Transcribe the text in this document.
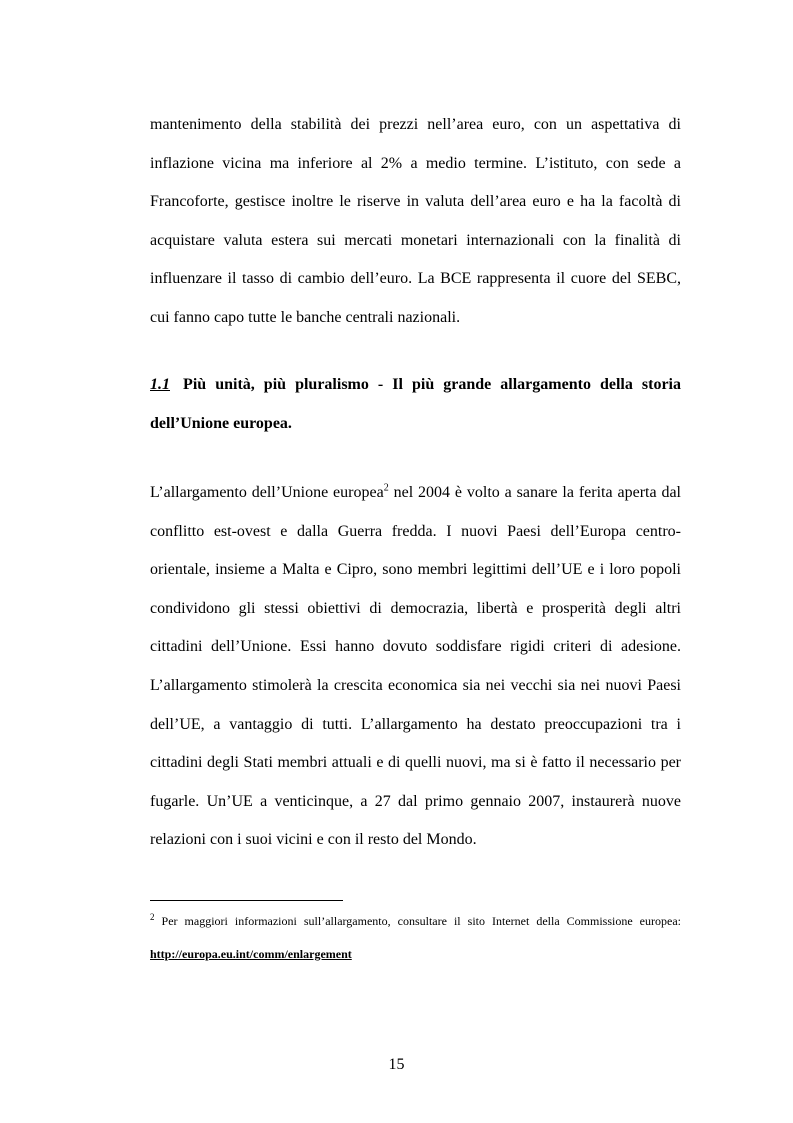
mantenimento della stabilità dei prezzi nell’area euro, con un aspettativa di inflazione vicina ma inferiore al 2% a medio termine. L’istituto, con sede a Francoforte, gestisce inoltre le riserve in valuta dell’area euro e ha la facoltà di acquistare valuta estera sui mercati monetari internazionali con la finalità di influenzare il tasso di cambio dell’euro. La BCE rappresenta il cuore del SEBC, cui fanno capo tutte le banche centrali nazionali.

1.1 Più unità, più pluralismo - Il più grande allargamento della storia dell’Unione europea.

L’allargamento dell’Unione europea$^2$ nel 2004 è volto a sanare la ferita aperta dal conflitto est-ovest e dalla Guerra fredda. I nuovi Paesi dell’Europa centro-orientale, insieme a Malta e Cipro, sono membri legittimi dell’UE e i loro popoli condividono gli stessi obiettivi di democrazia, libertà e prosperità degli altri cittadini dell’Unione. Essi hanno dovuto soddisfare rigidi criteri di adesione. L’allargamento stimolerà la crescita economica sia nei vecchi sia nei nuovi Paesi dell’UE, a vantaggio di tutti. L’allargamento ha destato preoccupazioni tra i cittadini degli Stati membri attuali e di quelli nuovi, ma si è fatto il necessario per fugarle. Un’UE a venticinque, a 27 dal primo gennaio 2007, instaurerà nuove relazioni con i suoi vicini e con il resto del Mondo.

$^2$ Per maggiori informazioni sull’allargamento, consultare il sito Internet della Commissione europea: http://europa.eu.int/comm/enlargement

15
